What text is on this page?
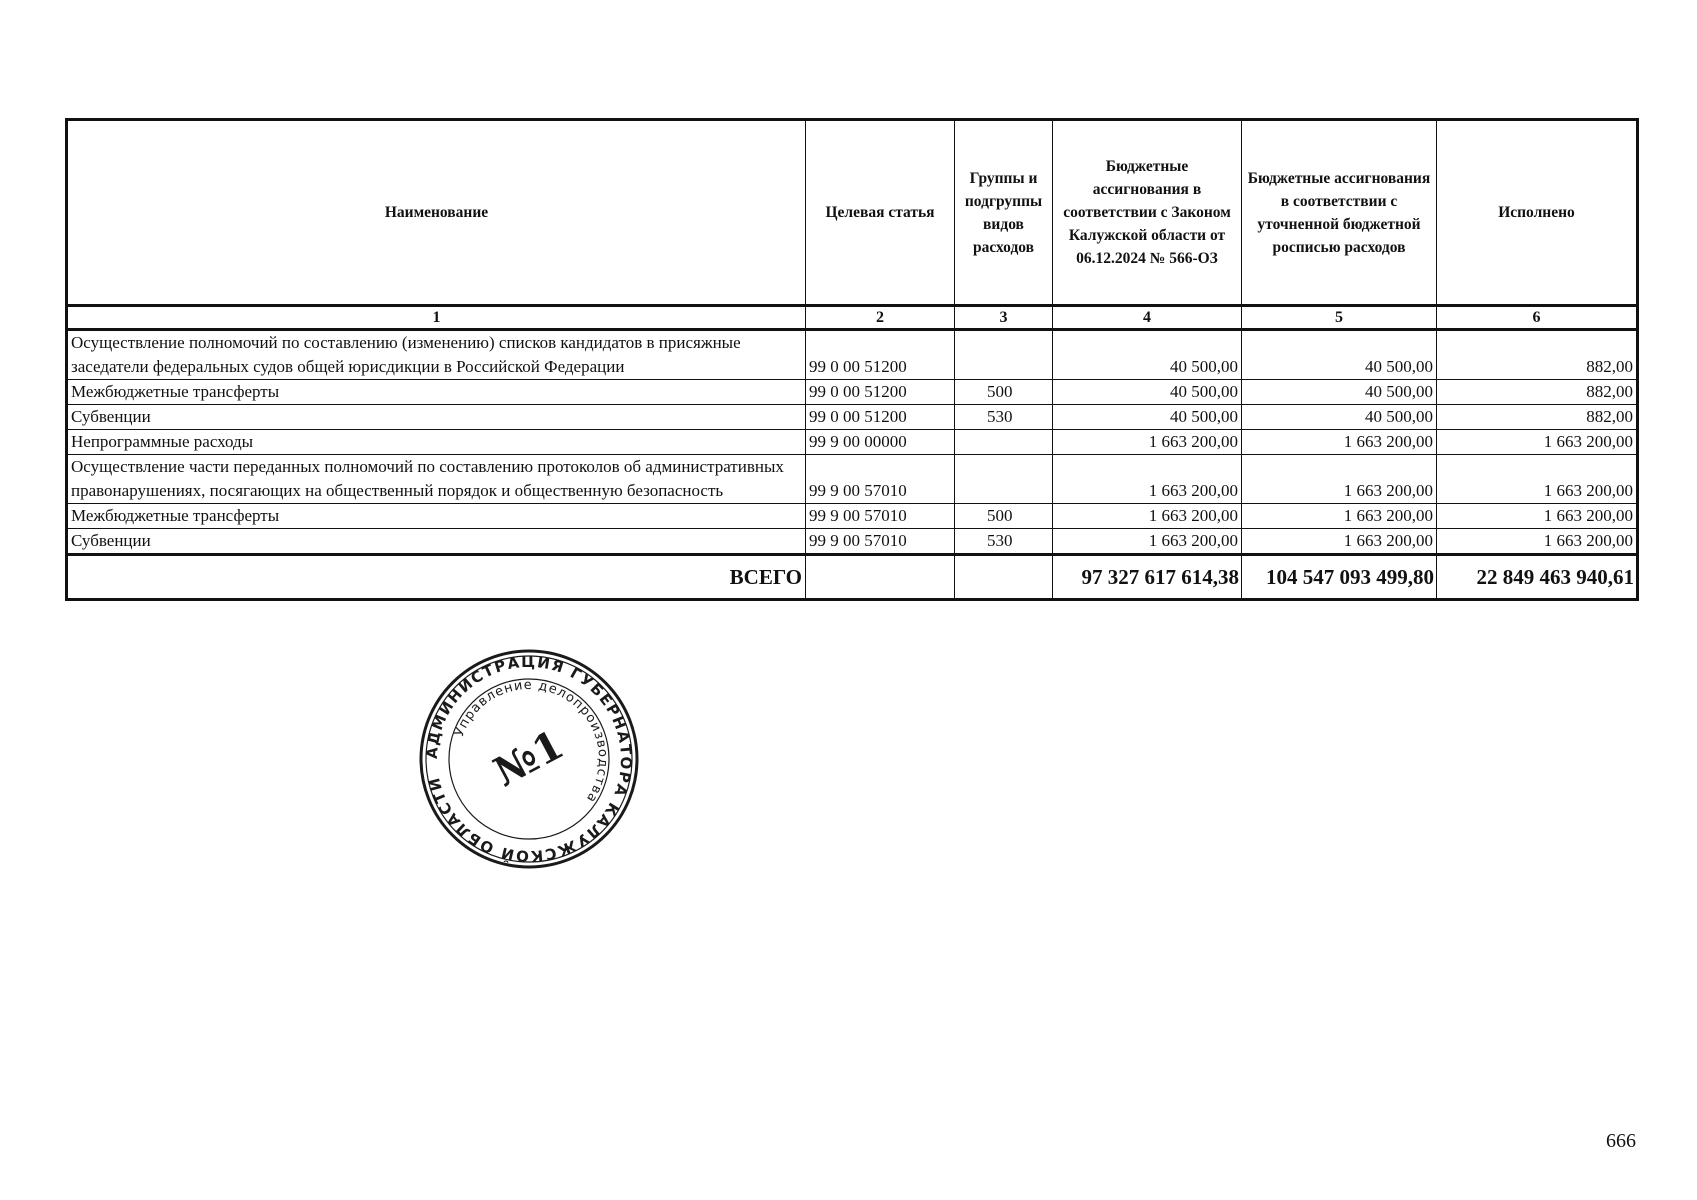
Наименование	Целевая статья	Группы и подгруппы видов расходов	Бюджетные ассигнования в соответствии с Законом Калужской области от 06.12.2024 № 566-ОЗ	Бюджетные ассигнования в соответствии с уточненной бюджетной росписью расходов	Исполнено
1	2	3	4	5	6
Осуществление полномочий по составлению (изменению) списков кандидатов в присяжные заседатели федеральных судов общей юрисдикции в Российской Федерации	99 0 00 51200		40 500,00	40 500,00	882,00
Межбюджетные трансферты	99 0 00 51200	500	40 500,00	40 500,00	882,00
Субвенции	99 0 00 51200	530	40 500,00	40 500,00	882,00
Непрограммные расходы	99 9 00 00000		1 663 200,00	1 663 200,00	1 663 200,00
Осуществление части переданных полномочий по составлению протоколов об административных правонарушениях, посягающих на общественный порядок и общественную безопасность	99 9 00 57010		1 663 200,00	1 663 200,00	1 663 200,00
Межбюджетные трансферты	99 9 00 57010	500	1 663 200,00	1 663 200,00	1 663 200,00
Субвенции	99 9 00 57010	530	1 663 200,00	1 663 200,00	1 663 200,00
ВСЕГО			97 327 617 614,38	104 547 093 499,80	22 849 463 940,61
АДМИНИСТРАЦИЯ ГУБЕРНАТОРА КАЛУЖСКОЙ ОБЛАСТИ
Управление делопроизводства
№1
666
